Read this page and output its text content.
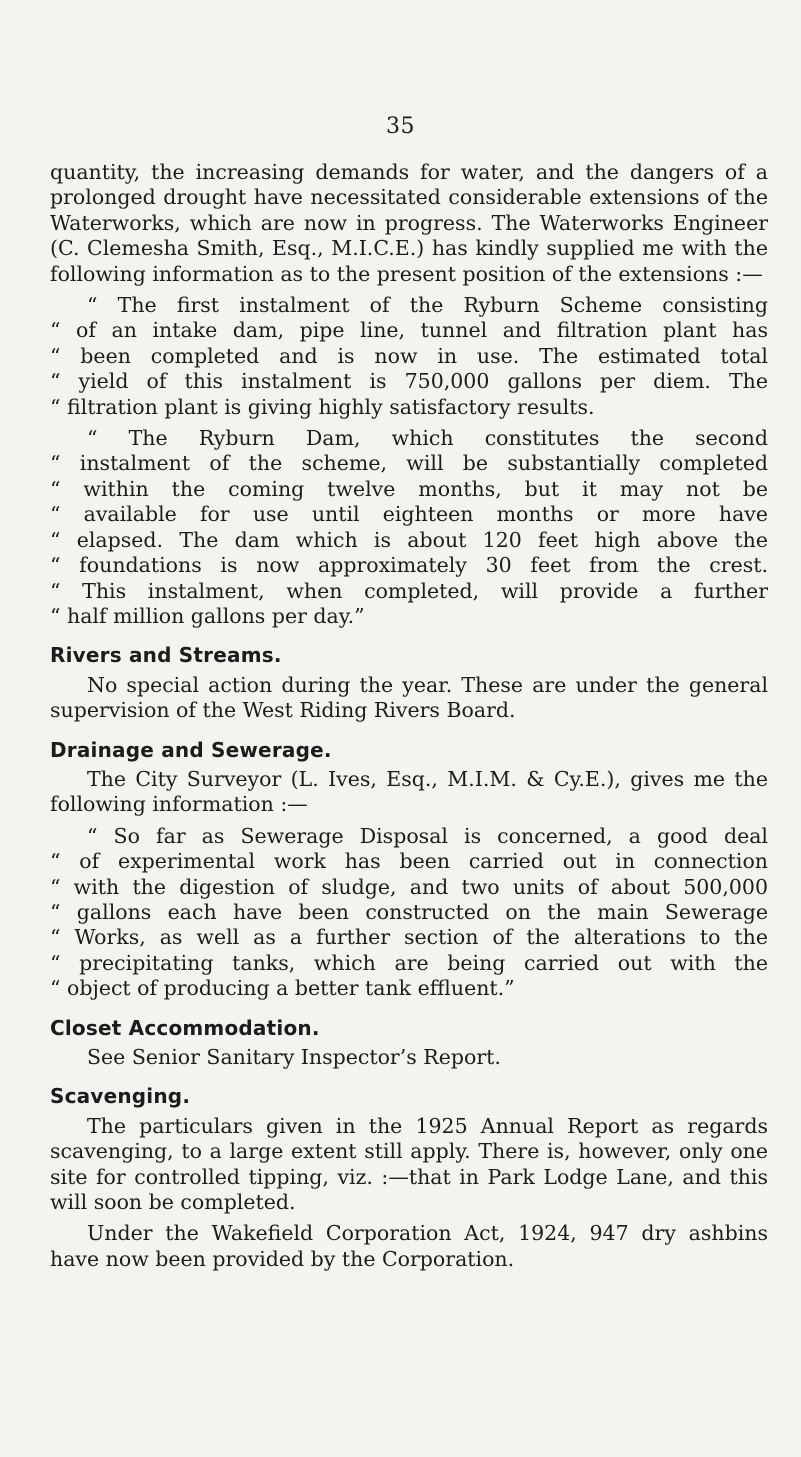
35

quantity, the increasing demands for water, and the dangers of a prolonged drought have necessitated considerable extensions of the Waterworks, which are now in progress. The Waterworks Engineer (C. Clemesha Smith, Esq., M.I.C.E.) has kindly supplied me with the following information as to the present position of the extensions :—

“ The first instalment of the Ryburn Scheme consisting
“ of an intake dam, pipe line, tunnel and filtration plant has
“ been completed and is now in use. The estimated total
“ yield of this instalment is 750,000 gallons per diem. The
“ filtration plant is giving highly satisfactory results.
“ The Ryburn Dam, which constitutes the second
“ instalment of the scheme, will be substantially completed
“ within the coming twelve months, but it may not be
“ available for use until eighteen months or more have
“ elapsed. The dam which is about 120 feet high above the
“ foundations is now approximately 30 feet from the crest.
“ This instalment, when completed, will provide a further
“ half million gallons per day.”
Rivers and Streams.

No special action during the year. These are under the general supervision of the West Riding Rivers Board.

Drainage and Sewerage.

The City Surveyor (L. Ives, Esq., M.I.M. & Cy.E.), gives me the following information :—

“ So far as Sewerage Disposal is concerned, a good deal
“ of experimental work has been carried out in connection
“ with the digestion of sludge, and two units of about 500,000
“ gallons each have been constructed on the main Sewerage
“ Works, as well as a further section of the alterations to the
“ precipitating tanks, which are being carried out with the
“ object of producing a better tank effluent.”
Closet Accommodation.

See Senior Sanitary Inspector’s Report.

Scavenging.

The particulars given in the 1925 Annual Report as regards scavenging, to a large extent still apply. There is, however, only one site for controlled tipping, viz. :—that in Park Lodge Lane, and this will soon be completed.

Under the Wakefield Corporation Act, 1924, 947 dry ashbins have now been provided by the Corporation.
